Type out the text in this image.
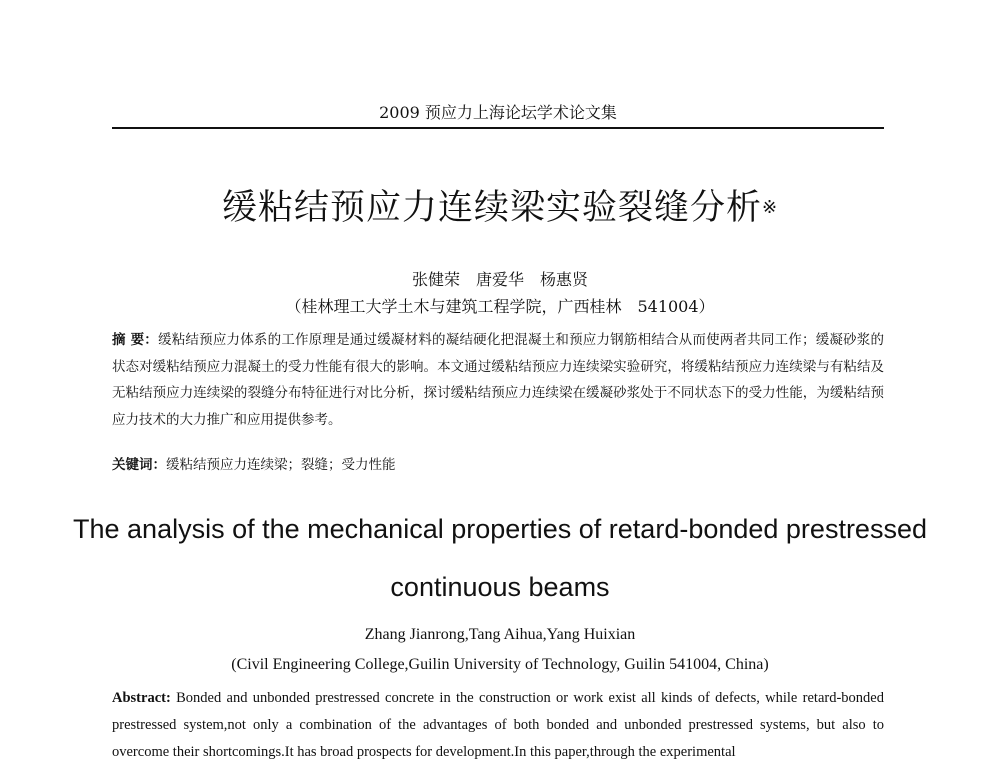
2009 预应力上海论坛学术论文集
缓粘结预应力连续梁实验裂缝分析※
张健荣　唐爱华　杨惠贤
（桂林理工大学土木与建筑工程学院，广西桂林　541004）
摘 要：缓粘结预应力体系的工作原理是通过缓凝材料的凝结硬化把混凝土和预应力钢筋相结合从而使两者共同工作；缓凝砂浆的状态对缓粘结预应力混凝土的受力性能有很大的影响。本文通过缓粘结预应力连续梁实验研究，将缓粘结预应力连续梁与有粘结及无粘结预应力连续梁的裂缝分布特征进行对比分析，探讨缓粘结预应力连续梁在缓凝砂浆处于不同状态下的受力性能，为缓粘结预应力技术的大力推广和应用提供参考。
关键词：缓粘结预应力连续梁；裂缝；受力性能
The analysis of the mechanical properties of retard-bonded prestressed continuous beams
Zhang Jianrong,Tang Aihua,Yang Huixian
(Civil Engineering College,Guilin University of Technology, Guilin 541004, China)
Abstract: Bonded and unbonded prestressed concrete in the construction or work exist all kinds of defects, while retard-bonded prestressed system,not only a combination of the advantages of both bonded and unbonded prestressed systems, but also to overcome their shortcomings.It has broad prospects for development.In this paper,through the experimental
